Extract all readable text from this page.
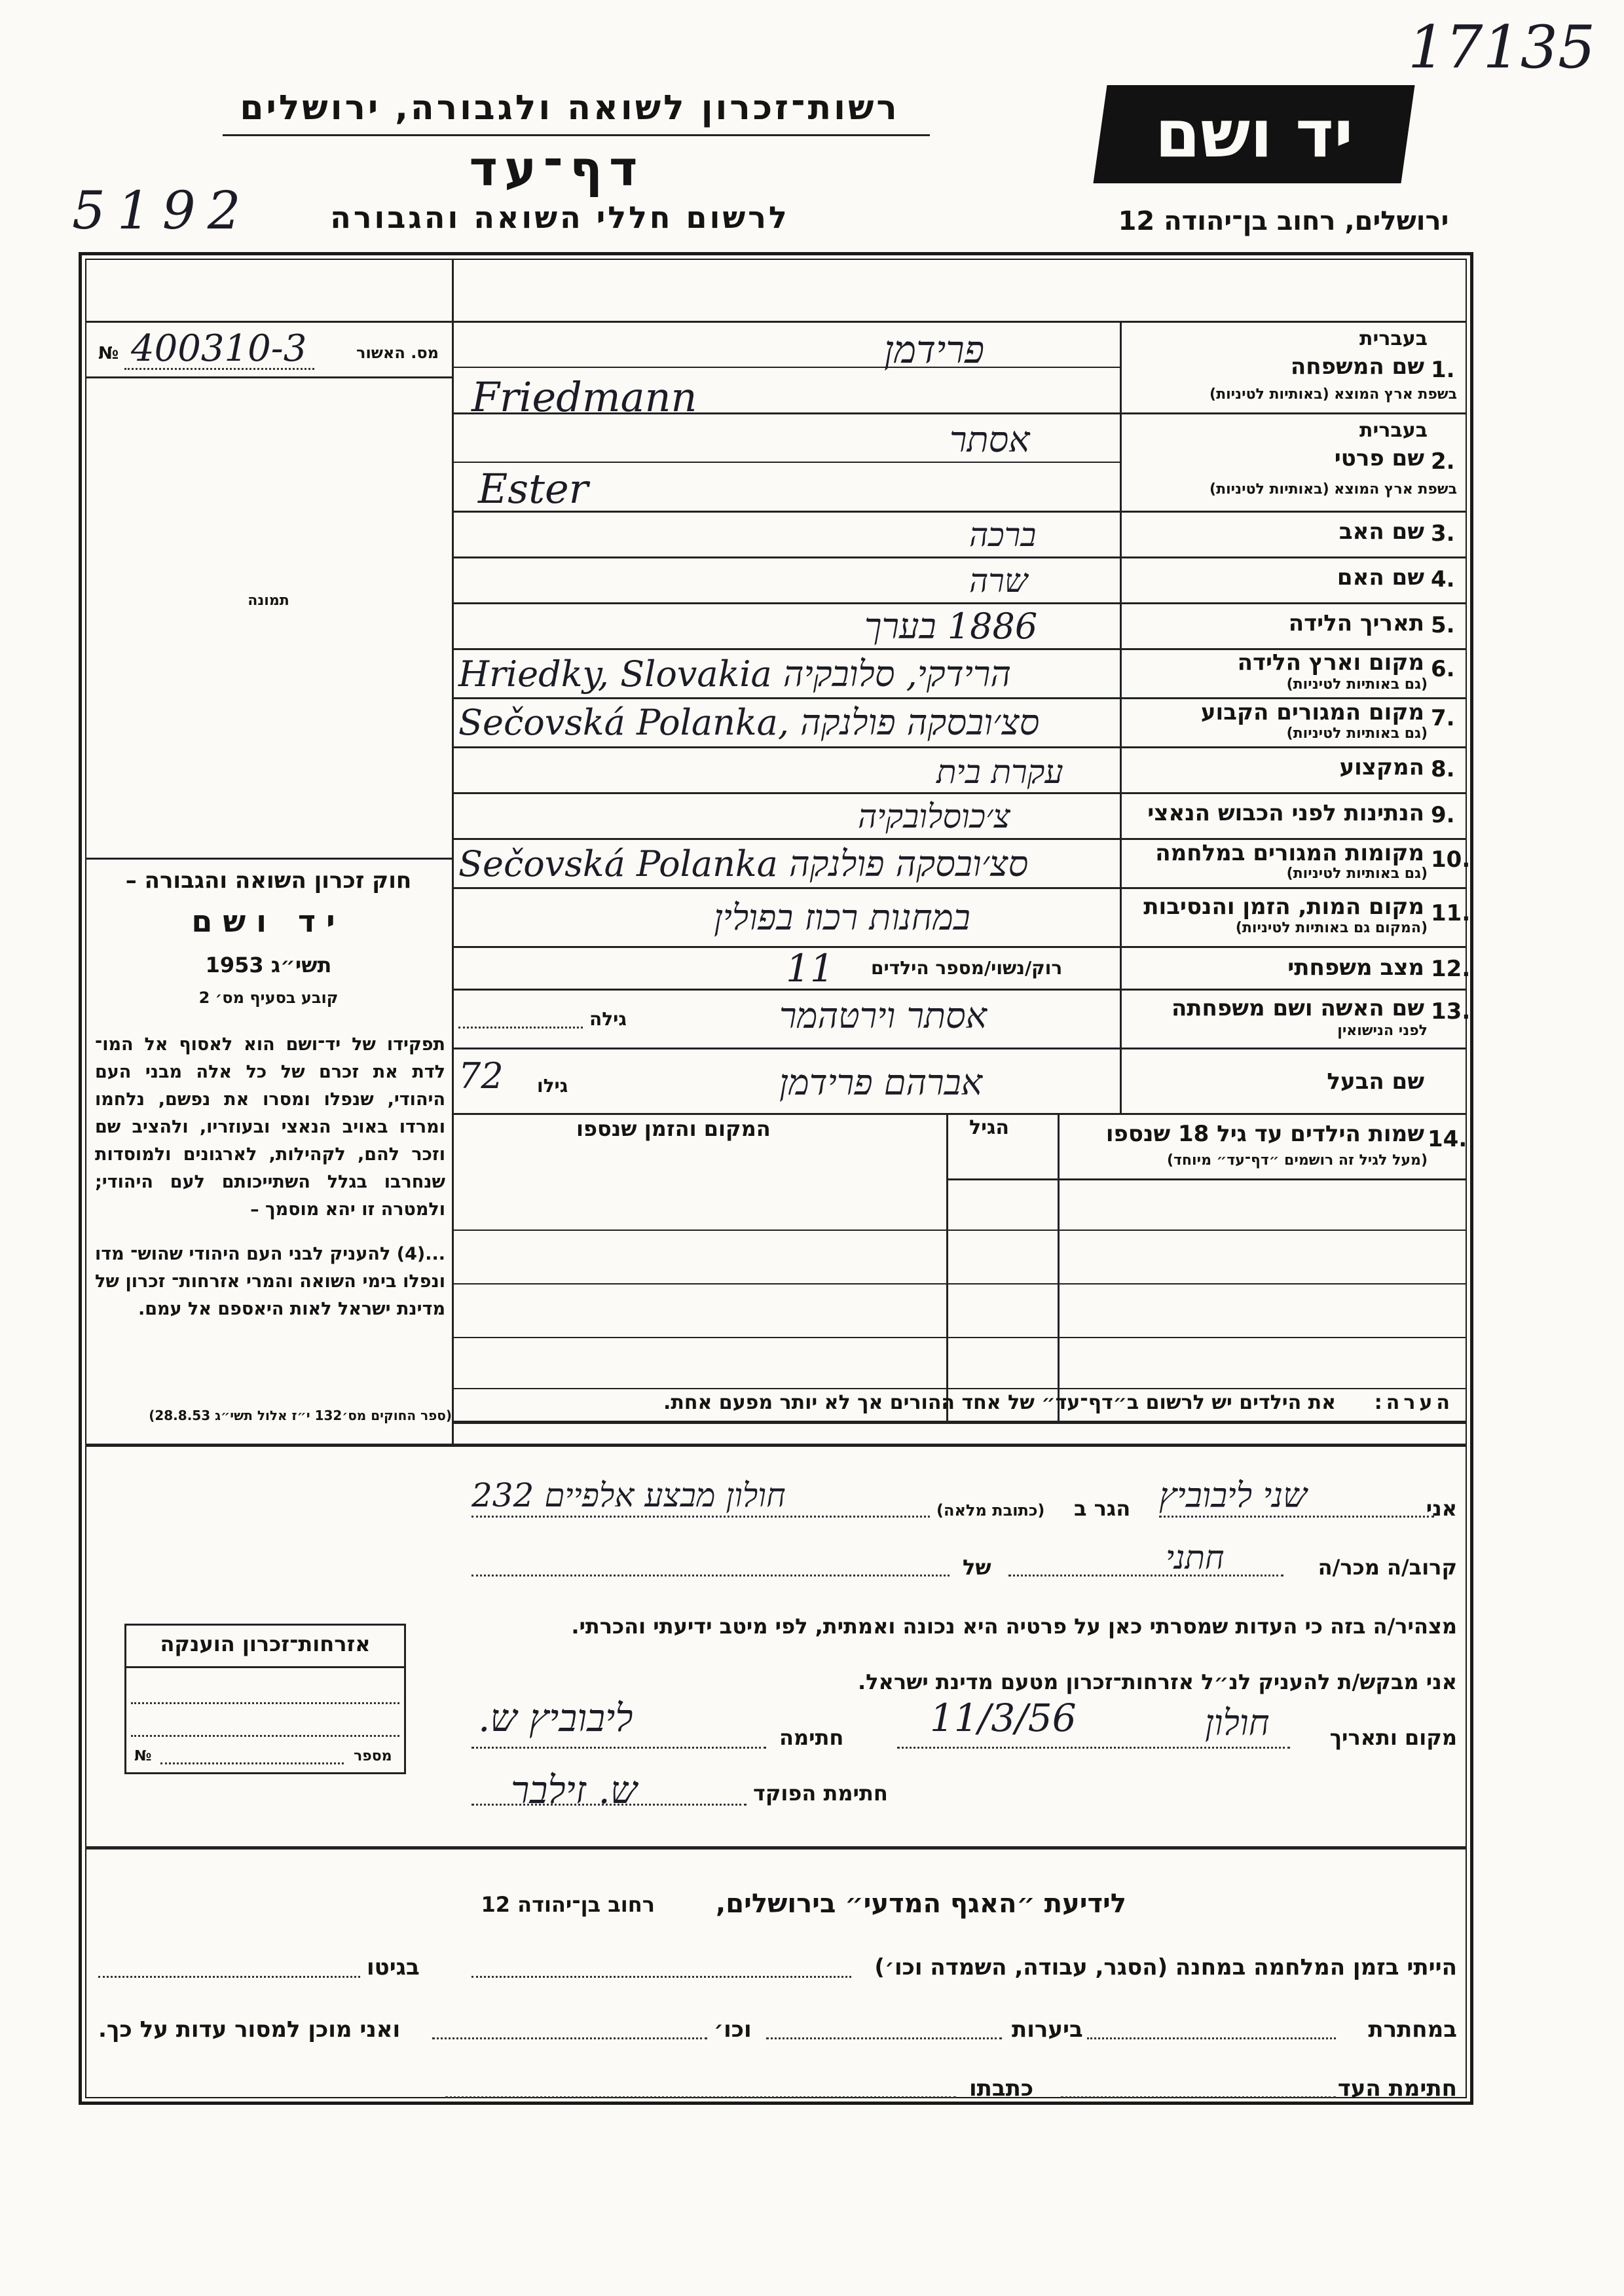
17135
רשות־זכרון לשואה ולגבורה, ירושלים	יד ושם
דף־עד
5192	לרשום חללי השואה והגבורה	ירושלים, רחוב בן־יהודה 12
מס. האשור
400310-3
№
תמונה
חוק זכרון השואה והגבורה –
יד ושם
תשי״ג 1953
קובע בסעיף מס׳ 2
תפקידו של יד־ושם הוא לאסוף אל המו־ לדת את זכרם של כל אלה מבני העם היהודי, שנפלו ומסרו את נפשם, נלחמו ומרדו באויב הנאצי ובעוזריו, ולהציב שם וזכר להם, לקהילות, לארגונים ולמוסדות שנחרבו בגלל השתייכותם לעם היהודי; ולמטרה זו יהא מוסמך –
...(4) להעניק לבני העם היהודי שהוש־ מדו ונפלו בימי השואה והמרי אזרחות־ זכרון של מדינת ישראל לאות היאספם אל עמם.
(ספר החוקים מס׳132 י״ז אלול תשי״ג 28.8.53)
בעברית
1.
שם המשפחה
בשפת ארץ המוצא (באותיות לטיניות)
פרידמן
Friedmann
בעברית
2.
שם פרטי
בשפת ארץ המוצא (באותיות לטיניות)
אסתר
Ester
3.
שם האב
ברכה
4.
שם האם
שרה
5.
תאריך הלידה
1886 בערך
6.
מקום וארץ הלידה
(גם באותיות לטיניות)
Hriedky, Slovakia הרידקי, סלובקיה
7.
מקום המגורים הקבוע
(גם באותיות לטיניות)
Sečovská Polanka, סצ׳ובסקה פולנקה
8.
המקצוע
עקרת בית
9.
הנתינות לפני הכבוש הנאצי
צ׳כוסלובקיה
10.
מקומות המגורים במלחמה
(גם באותיות לטיניות)
Sečovská Polanka סצ׳ובסקה פולנקה
11.
מקום המות, הזמן והנסיבות
(המקום גם באותיות לטיניות)
במחנות רכוז בפולין
12.
מצב משפחתי
רוק/נשוי/מספר הילדים
11
13.
שם האשה ושם משפחתה
לפני הנישואין
אסתר וירטהמר
גילה
שם הבעל
אברהם פרידמן
72 גילו
14.
שמות הילדים עד גיל 18 שנספו
(מעל לגיל זה רושמים ״דף־עד״ מיוחד)
הגיל
המקום והזמן שנספו
הערה:
את הילדים יש לרשום ב״דף־עד״ של אחד ההורים אך לא יותר מפעם אחת.
אני
שני ליבוביץ
הגר ב
(כתובת מלאה)
חולון מבצע אלפיים 232
קרוב/ה מכר/ה
חתני
של
מצהיר/ה בזה כי העדות שמסרתי כאן על פרטיה היא נכונה ואמתית, לפי מיטב ידיעתי והכרתי.
אני מבקש/ת להעניק לנ״ל אזרחות־זכרון מטעם מדינת ישראל.
מקום ותאריך
חולון
11/3/56
חתימה
ליבוביץ ש.
חתימת הפוקד
ש. זילבר
אזרחות־זכרון הוענקה
מספר
№
לידיעת ״האגף המדעי״ בירושלים,
רחוב בן־יהודה 12
הייתי בזמן המלחמה במחנה (הסגר, עבודה, השמדה וכו׳)
בגיטו
במחתרת
ביערות
וכו׳
ואני מוכן למסור עדות על כך.
חתימת העד
כתבתו
